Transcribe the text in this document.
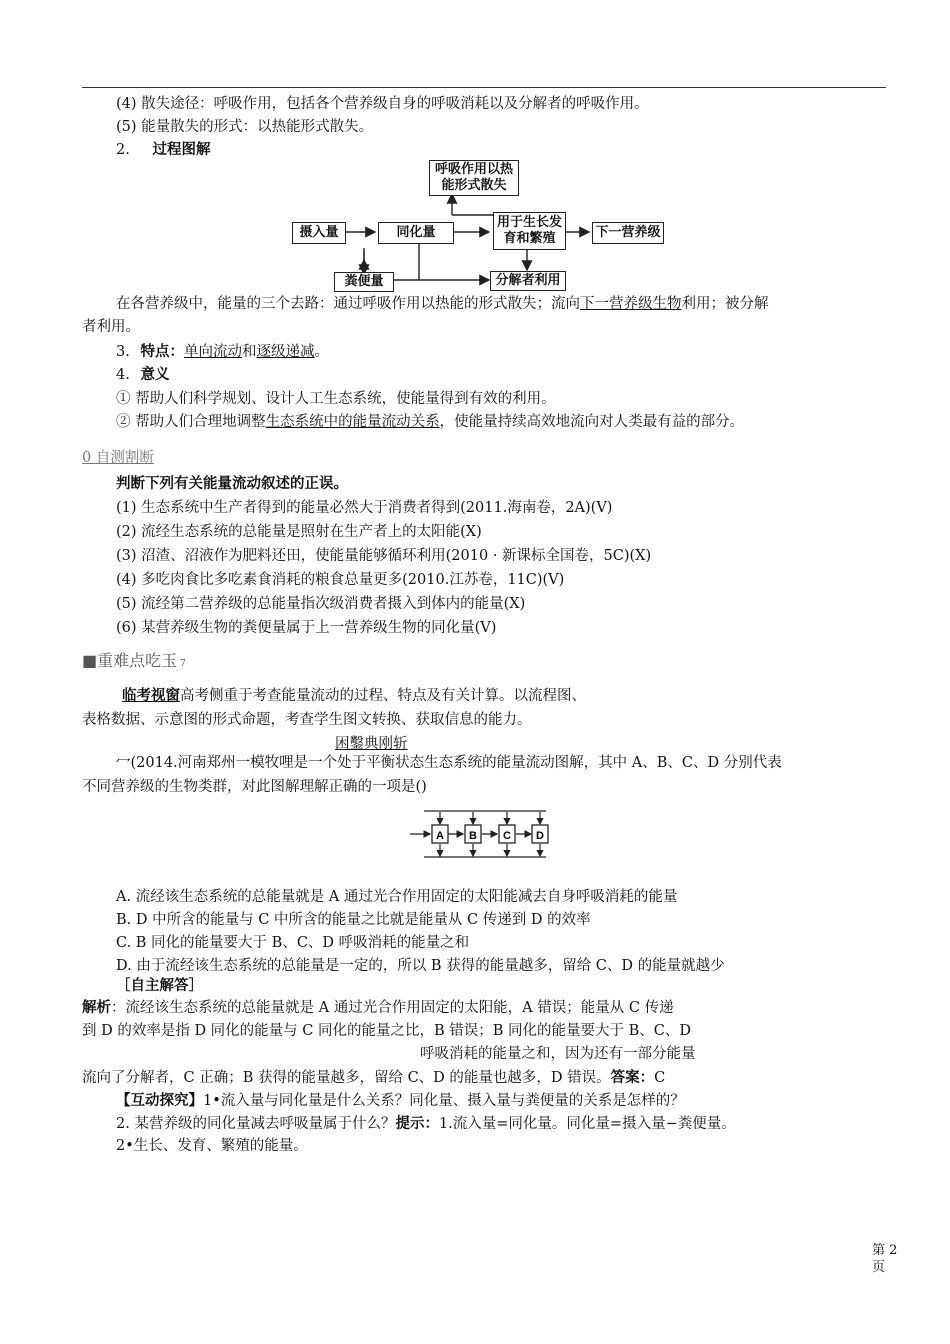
(4) 散失途径：呼吸作用，包括各个营养级自身的呼吸消耗以及分解者的呼吸作用。
(5) 能量散失的形式：以热能形式散失。
2. 过程图解
呼吸作用以热能形式散失
摄入量	同化量
用于生长发育和繁殖	下一营养级
粪便量	分解者利用
在各营养级中，能量的三个去路：通过呼吸作用以热能的形式散失；流向下一营养级生物利用；被分解
者利用。
3. 特点：单向流动和逐级递减。
4. 意义
① 帮助人们科学规划、设计人工生态系统，使能量得到有效的利用。
② 帮助人们合理地调整生态系统中的能量流动关系，使能量持续高效地流向对人类最有益的部分。
0 自测割断
判断下列有关能量流动叙述的正误。
(1) 生态系统中生产者得到的能量必然大于消费者得到(2011.海南卷，2A)(V)
(2) 流经生态系统的总能量是照射在生产者上的太阳能(X)
(3) 沼渣、沼液作为肥料还田，使能量能够循环利用(2010 · 新课标全国卷，5C)(X)
(4) 多吃肉食比多吃素食消耗的粮食总量更多(2010.江苏卷，11C)(V)
(5) 流经第二营养级的总能量指次级消费者摄入到体内的能量(X)
(6) 某营养级生物的粪便量属于上一营养级生物的同化量(V)
■重难点吃玉 7
临考视窗高考侧重于考查能量流动的过程、特点及有关计算。以流程图、
表格数据、示意图的形式命题，考查学生图文转换、获取信息的能力。
困鑿典刚斩
冖(2014.河南郑州一模牧哩是一个处于平衡状态生态系统的能量流动图解，其中 A、B、C、D 分别代表
不同营养级的生物类群，对此图解理解正确的一项是()
A B C D
A. 流经该生态系统的总能量就是 A 通过光合作用固定的太阳能减去自身呼吸消耗的能量
B. D 中所含的能量与 C 中所含的能量之比就是能量从 C 传递到 D 的效率
C. B 同化的能量要大于 B、C、D 呼吸消耗的能量之和
D. 由于流经该生态系统的总能量是一定的，所以 B 获得的能量越多，留给 C、D 的能量就越少
［自主解答］
解析：流经该生态系统的总能量就是 A 通过光合作用固定的太阳能，A 错误；能量从 C 传递
到 D 的效率是指 D 同化的能量与 C 同化的能量之比，B 错误；B 同化的能量要大于 B、C、D
呼吸消耗的能量之和，因为还有一部分能量
流向了分解者，C 正确；B 获得的能量越多，留给 C、D 的能量也越多，D 错误。答案：C
【互动探究】1•流入量与同化量是什么关系？同化量、摄入量与粪便量的关系是怎样的？
2. 某营养级的同化量减去呼吸量属于什么？提示：1.流入量=同化量。同化量=摄入量−粪便量。
2•生长、发育、繁殖的能量。
第 2
页
